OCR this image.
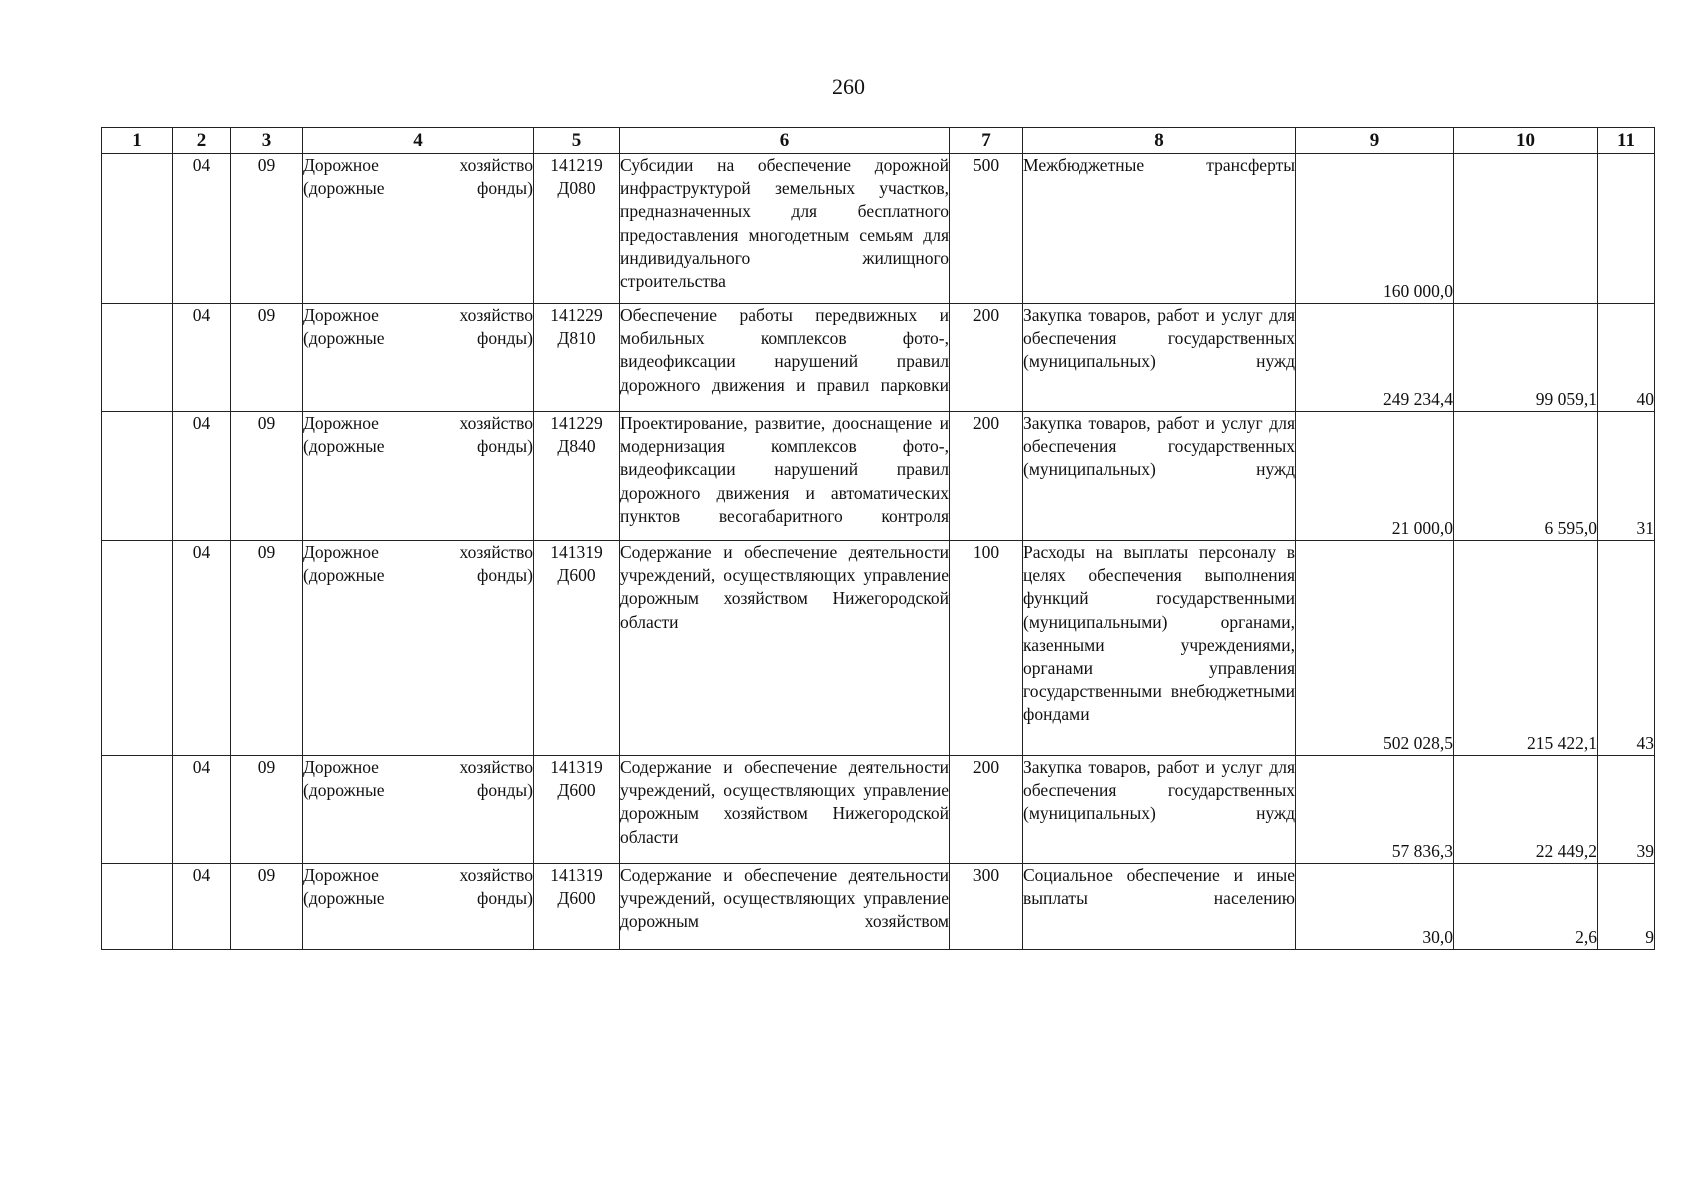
260
1	2	3	4	5	6	7	8	9	10	11
	04	09	Дорожное хозяйство (дорожные фонды)	141219 Д080	Субсидии на обеспечение дорожной инфраструктурой земельных участков, предназначенных для бесплатного предоставления многодетным семьям для индивидуального жилищного строительства	500	Межбюджетные трансферты	160 000,0		
	04	09	Дорожное хозяйство (дорожные фонды)	141229 Д810	Обеспечение работы передвижных и мобильных комплексов фото-, видеофиксации нарушений правил дорожного движения и правил парковки	200	Закупка товаров, работ и услуг для обеспечения государственных (муниципальных) нужд	249 234,4	99 059,1	40
	04	09	Дорожное хозяйство (дорожные фонды)	141229 Д840	Проектирование, развитие, дооснащение и модернизация комплексов фото-, видеофиксации нарушений правил дорожного движения и автоматических пунктов весогабаритного контроля	200	Закупка товаров, работ и услуг для обеспечения государственных (муниципальных) нужд	21 000,0	6 595,0	31
	04	09	Дорожное хозяйство (дорожные фонды)	141319 Д600	Содержание и обеспечение деятельности учреждений, осуществляющих управление дорожным хозяйством Нижегородской области	100	Расходы на выплаты персоналу в целях обеспечения выполнения функций государственными (муниципальными) органами, казенными учреждениями, органами управления государственными внебюджетными фондами	502 028,5	215 422,1	43
	04	09	Дорожное хозяйство (дорожные фонды)	141319 Д600	Содержание и обеспечение деятельности учреждений, осуществляющих управление дорожным хозяйством Нижегородской области	200	Закупка товаров, работ и услуг для обеспечения государственных (муниципальных) нужд	57 836,3	22 449,2	39
	04	09	Дорожное хозяйство (дорожные фонды)	141319 Д600	Содержание и обеспечение деятельности учреждений, осуществляющих управление дорожным хозяйством	300	Социальное обеспечение и иные выплаты населению	30,0	2,6	9
